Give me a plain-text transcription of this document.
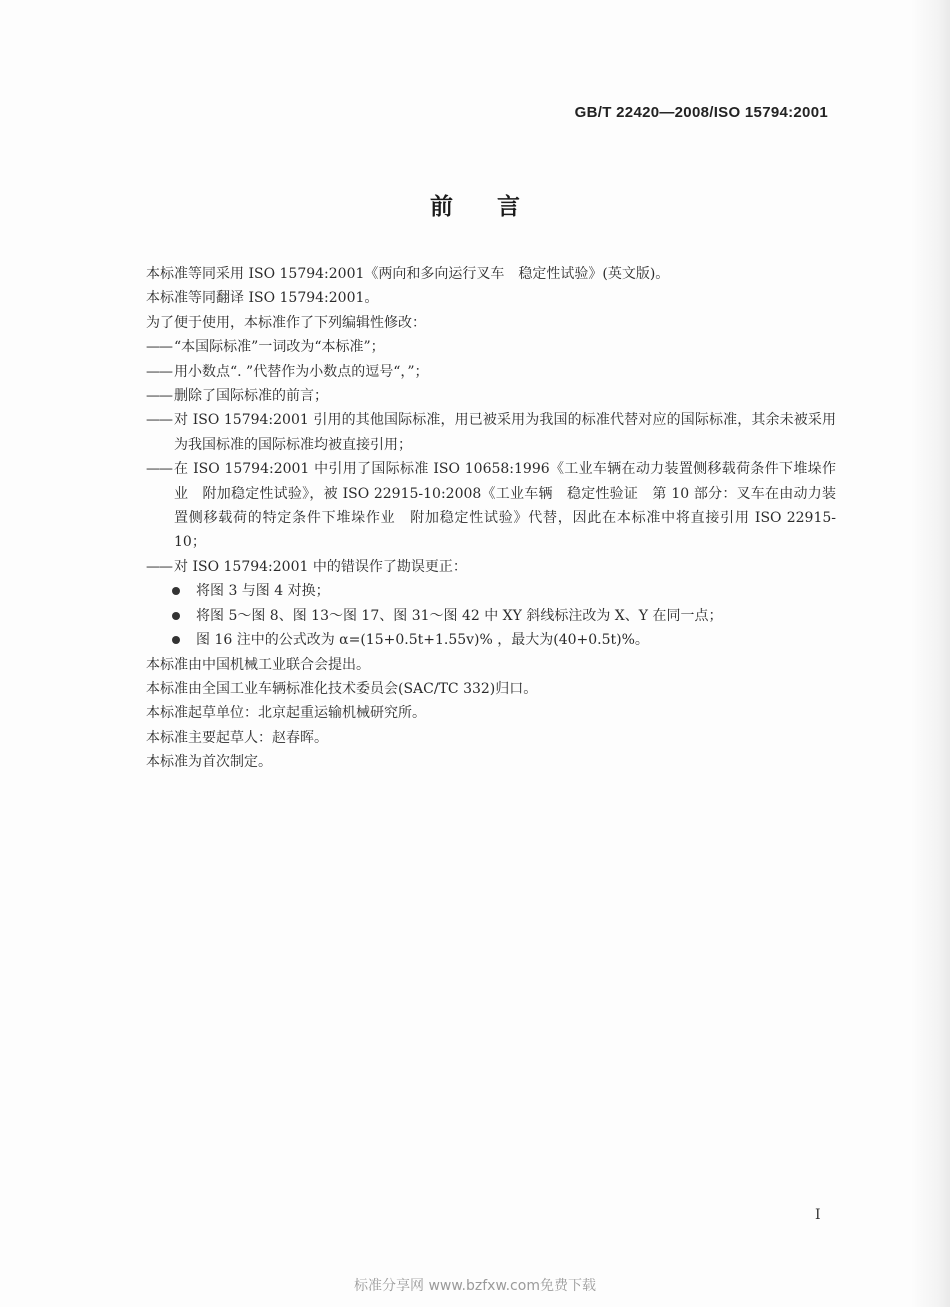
GB/T 22420—2008/ISO 15794:2001
前言

本标准等同采用 ISO 15794:2001《两向和多向运行叉车　稳定性试验》(英文版)。

本标准等同翻译 ISO 15794:2001。

为了便于使用，本标准作了下列编辑性修改：

—— “本国际标准”一词改为“本标准”；
—— 用小数点“. ”代替作为小数点的逗号“，”；
—— 删除了国际标准的前言；
—— 对 ISO 15794:2001 引用的其他国际标准，用已被采用为我国的标准代替对应的国际标准，其余未被采用为我国标准的国际标准均被直接引用；
—— 在 ISO 15794:2001 中引用了国际标准 ISO 10658:1996《工业车辆在动力装置侧移载荷条件下堆垛作业　附加稳定性试验》，被 ISO 22915-10:2008《工业车辆　稳定性验证　第 10 部分：叉车在由动力装置侧移载荷的特定条件下堆垛作业　附加稳定性试验》代替，因此在本标准中将直接引用 ISO 22915-10；
—— 对 ISO 15794:2001 中的错误作了勘误更正：
将图 3 与图 4 对换；
将图 5～图 8、图 13～图 17、图 31～图 42 中 XY 斜线标注改为 X、Y 在同一点；
图 16 注中的公式改为 α=(15+0.5t+1.55v)% ，最大为(40+0.5t)%。

本标准由中国机械工业联合会提出。

本标准由全国工业车辆标准化技术委员会(SAC/TC 332)归口。

本标准起草单位：北京起重运输机械研究所。

本标准主要起草人：赵春晖。

本标准为首次制定。

I
标准分享网 www.bzfxw.com免费下载
